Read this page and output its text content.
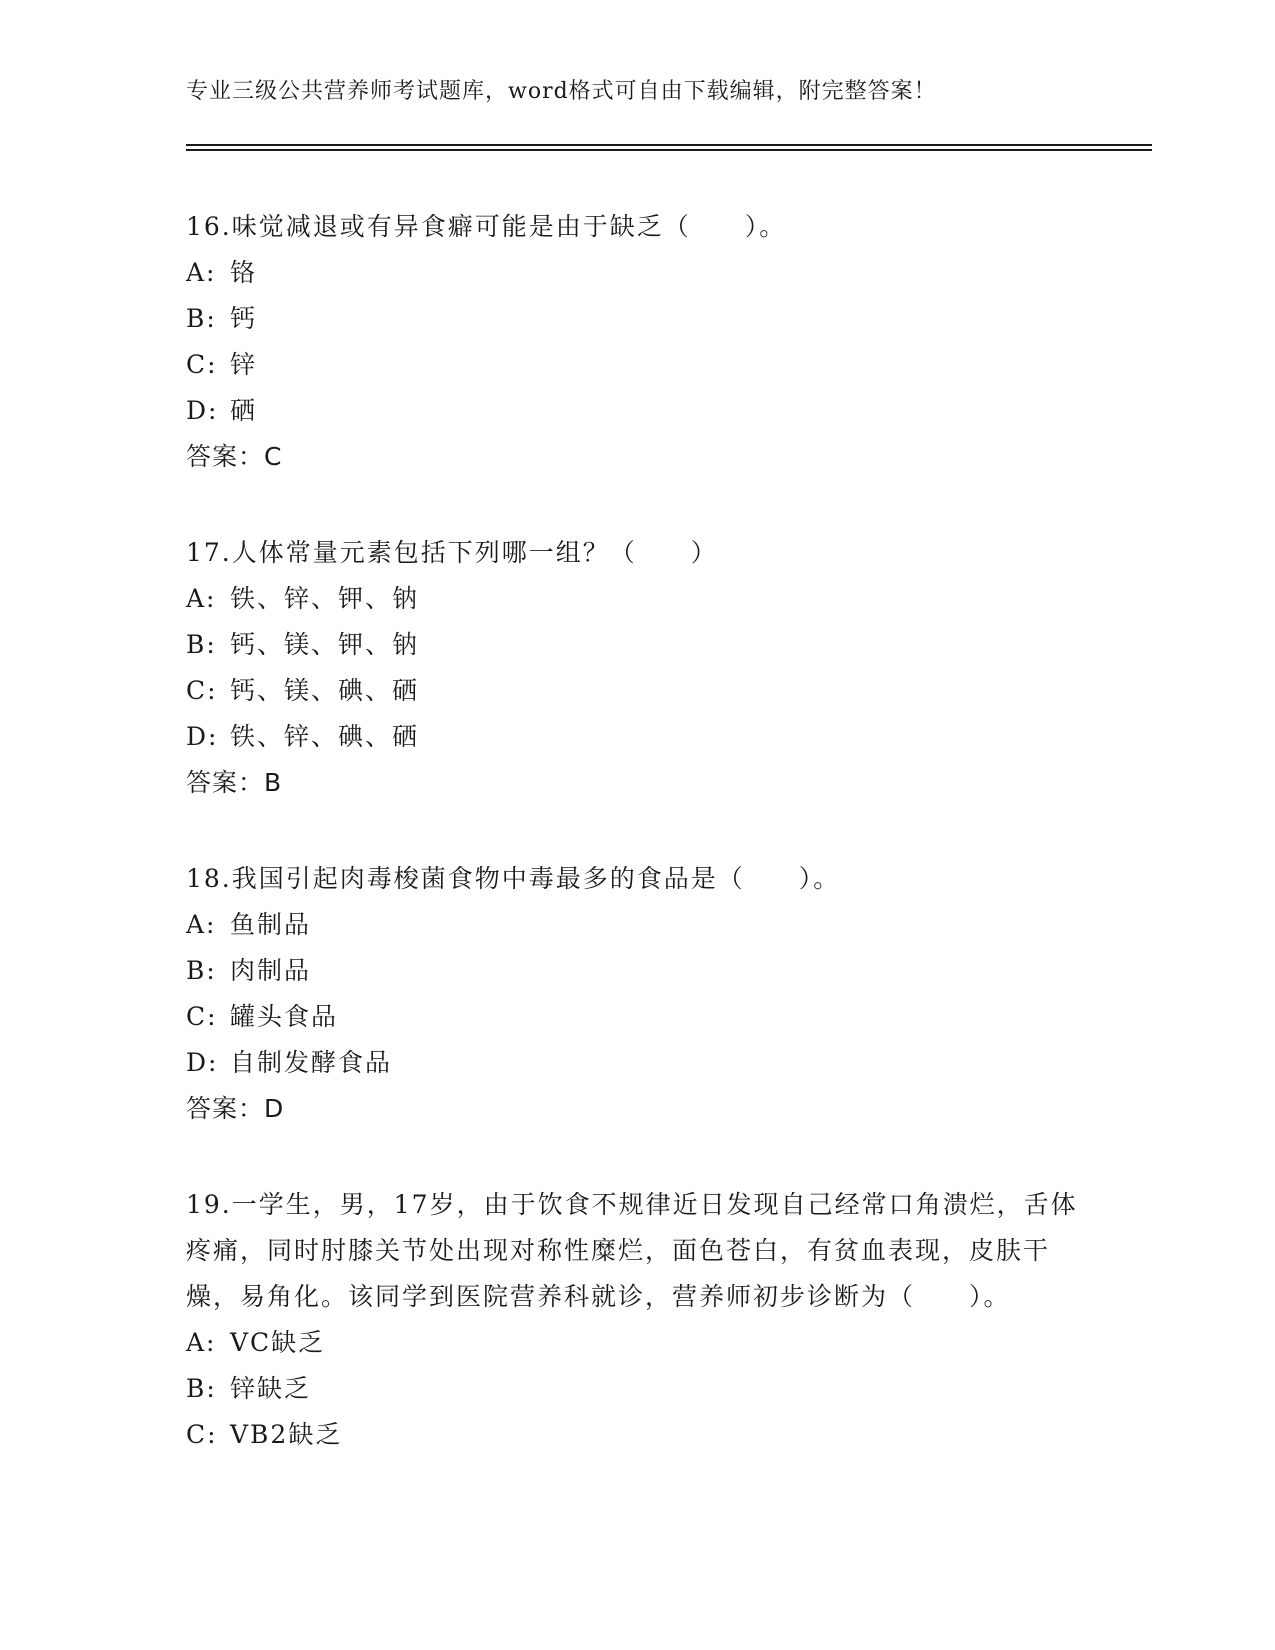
专业三级公共营养师考试题库，word格式可自由下载编辑，附完整答案！
16.味觉减退或有异食癖可能是由于缺乏（　　）。
A: 铬
B: 钙
C: 锌
D: 硒
答案：C
17.人体常量元素包括下列哪一组？（　　）
A: 铁、锌、钾、钠
B: 钙、镁、钾、钠
C: 钙、镁、碘、硒
D: 铁、锌、碘、硒
答案：B
18.我国引起肉毒梭菌食物中毒最多的食品是（　　）。
A: 鱼制品
B: 肉制品
C: 罐头食品
D: 自制发酵食品
答案：D
19.一学生，男，17岁，由于饮食不规律近日发现自己经常口角溃烂，舌体疼痛，同时肘膝关节处出现对称性糜烂，面色苍白，有贫血表现，皮肤干燥，易角化。该同学到医院营养科就诊，营养师初步诊断为（　　）。
A: VC缺乏
B: 锌缺乏
C: VB2缺乏
